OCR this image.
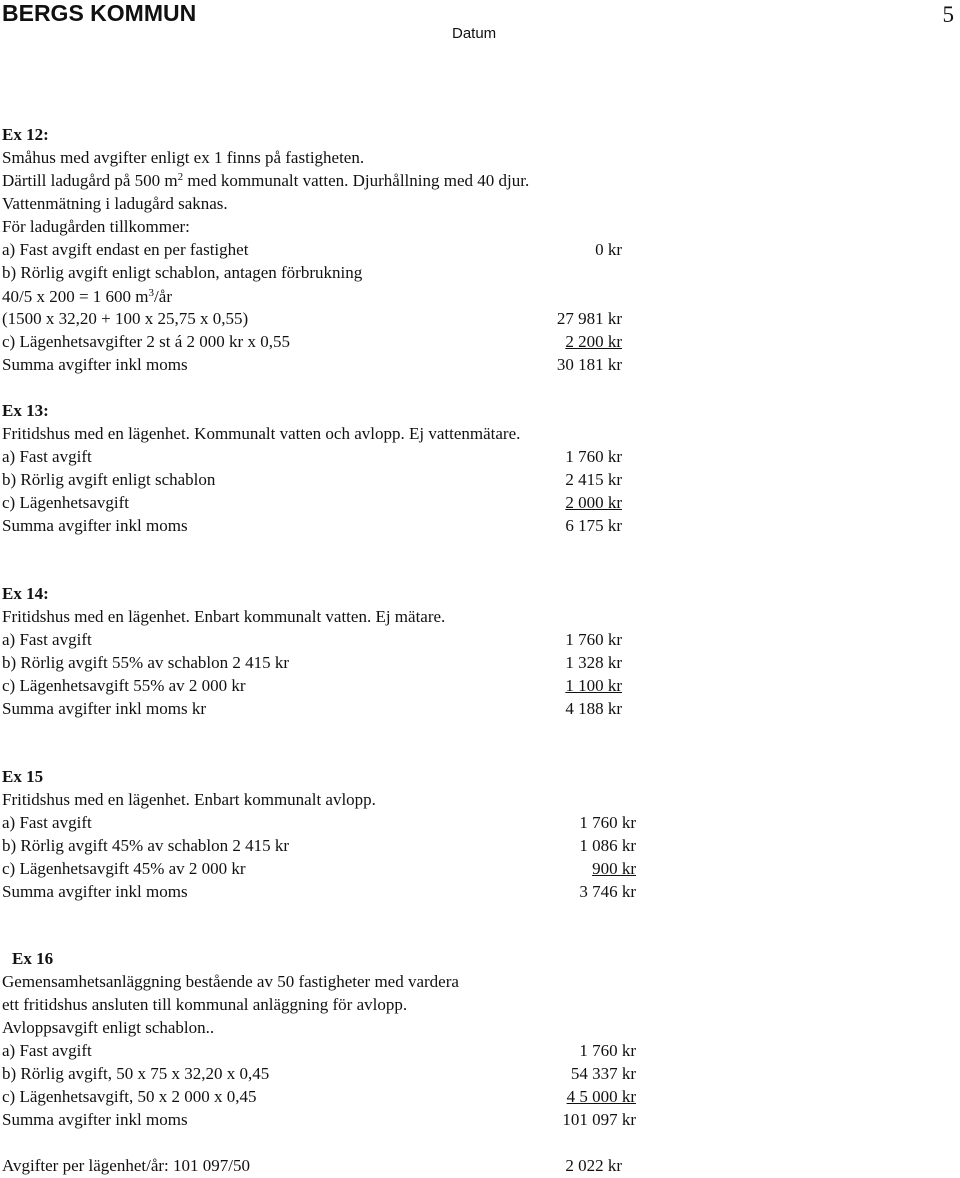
BERGS KOMMUN	5
Datum
Ex 12:
Småhus med avgifter enligt ex 1 finns på fastigheten.
Därtill ladugård på 500 $m^2$ med kommunalt vatten. Djurhållning med 40 djur.
Vattenmätning i ladugård saknas.
För ladugården tillkommer:
a) Fast avgift endast en per fastighet	0 kr
b) Rörlig avgift enligt schablon, antagen förbrukning
40/5 x 200 = 1 600 $m^3/år$
(1500 x 32,20 + 100 x 25,75 x 0,55)	27 981 kr
c) Lägenhetsavgifter 2 st á 2 000 kr x 0,55	2 200 kr
Summa avgifter inkl moms	30 181 kr
Ex 13:
Fritidshus med en lägenhet. Kommunalt vatten och avlopp. Ej vattenmätare.
a) Fast avgift	1 760 kr
b) Rörlig avgift enligt schablon	2 415 kr
c) Lägenhetsavgift	2 000 kr
Summa avgifter inkl moms	6 175 kr
Ex 14:
Fritidshus med en lägenhet. Enbart kommunalt vatten. Ej mätare.
a) Fast avgift	1 760 kr
b) Rörlig avgift 55% av schablon 2 415 kr	1 328 kr
c) Lägenhetsavgift 55% av 2 000 kr	1 100 kr
Summa avgifter inkl moms kr	4 188 kr
Ex 15
Fritidshus med en lägenhet. Enbart kommunalt avlopp.
a) Fast avgift	1 760 kr
b) Rörlig avgift 45% av schablon 2 415 kr	1 086 kr
c) Lägenhetsavgift 45% av 2 000 kr	900 kr
Summa avgifter inkl moms	3 746 kr
Ex 16
Gemensamhetsanläggning bestående av 50 fastigheter med vardera
ett fritidshus ansluten till kommunal anläggning för avlopp.
Avloppsavgift enligt schablon..
a) Fast avgift	1 760 kr
b) Rörlig avgift, 50 x 75 x 32,20 x 0,45	54 337 kr
c) Lägenhetsavgift, 50 x 2 000 x 0,45	4 5 000 kr
Summa avgifter inkl moms	101 097 kr
Avgifter per lägenhet/år: 101 097/50	2 022 kr
